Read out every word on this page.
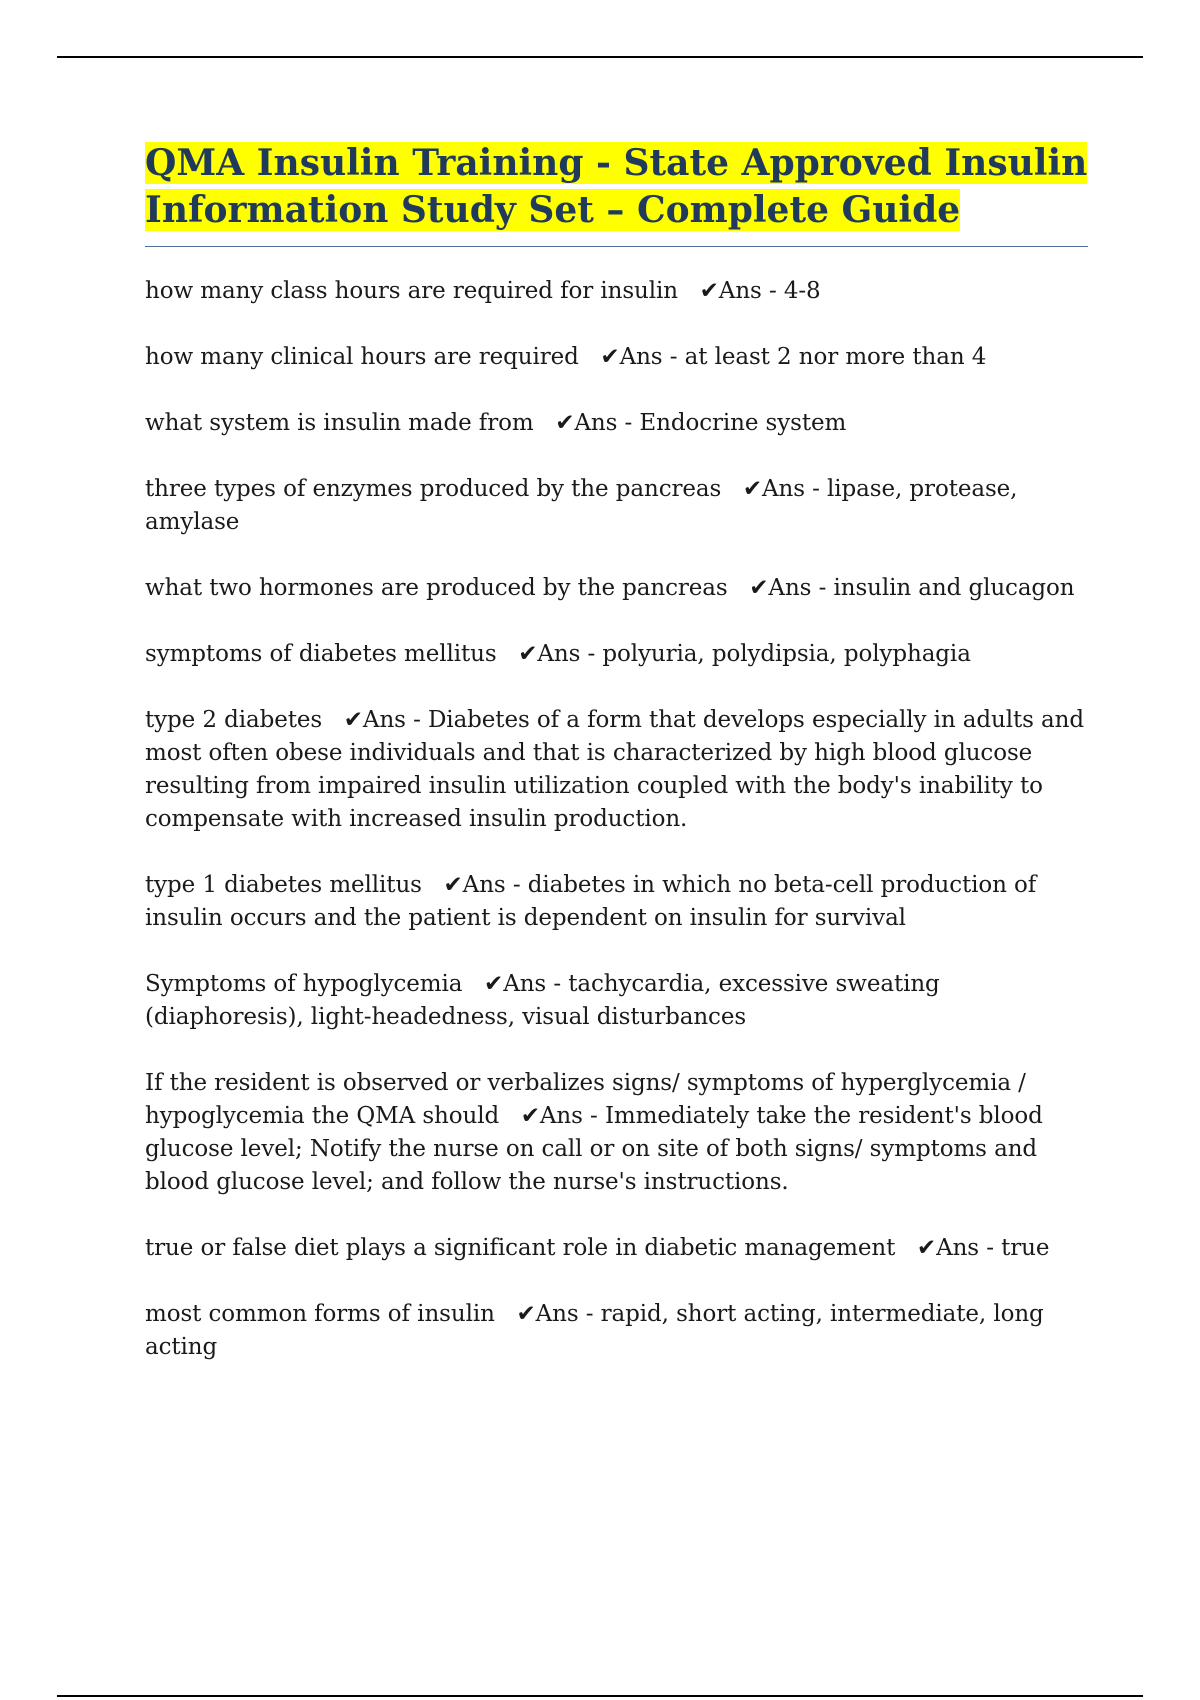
QMA Insulin Training - State Approved Insulin Information Study Set – Complete Guide

how many class hours are required for insulin ✔Ans - 4-8

how many clinical hours are required ✔Ans - at least 2 nor more than 4

what system is insulin made from ✔Ans - Endocrine system

three types of enzymes produced by the pancreas ✔Ans - lipase, protease, amylase

what two hormones are produced by the pancreas ✔Ans - insulin and glucagon

symptoms of diabetes mellitus ✔Ans - polyuria, polydipsia, polyphagia

type 2 diabetes ✔Ans - Diabetes of a form that develops especially in adults and most often obese individuals and that is characterized by high blood glucose resulting from impaired insulin utilization coupled with the body's inability to compensate with increased insulin production.

type 1 diabetes mellitus ✔Ans - diabetes in which no beta-cell production of insulin occurs and the patient is dependent on insulin for survival

Symptoms of hypoglycemia ✔Ans - tachycardia, excessive sweating (diaphoresis), light-headedness, visual disturbances

If the resident is observed or verbalizes signs/ symptoms of hyperglycemia / hypoglycemia the QMA should ✔Ans - Immediately take the resident's blood glucose level; Notify the nurse on call or on site of both signs/ symptoms and blood glucose level; and follow the nurse's instructions.

true or false diet plays a significant role in diabetic management ✔Ans - true

most common forms of insulin ✔Ans - rapid, short acting, intermediate, long acting
